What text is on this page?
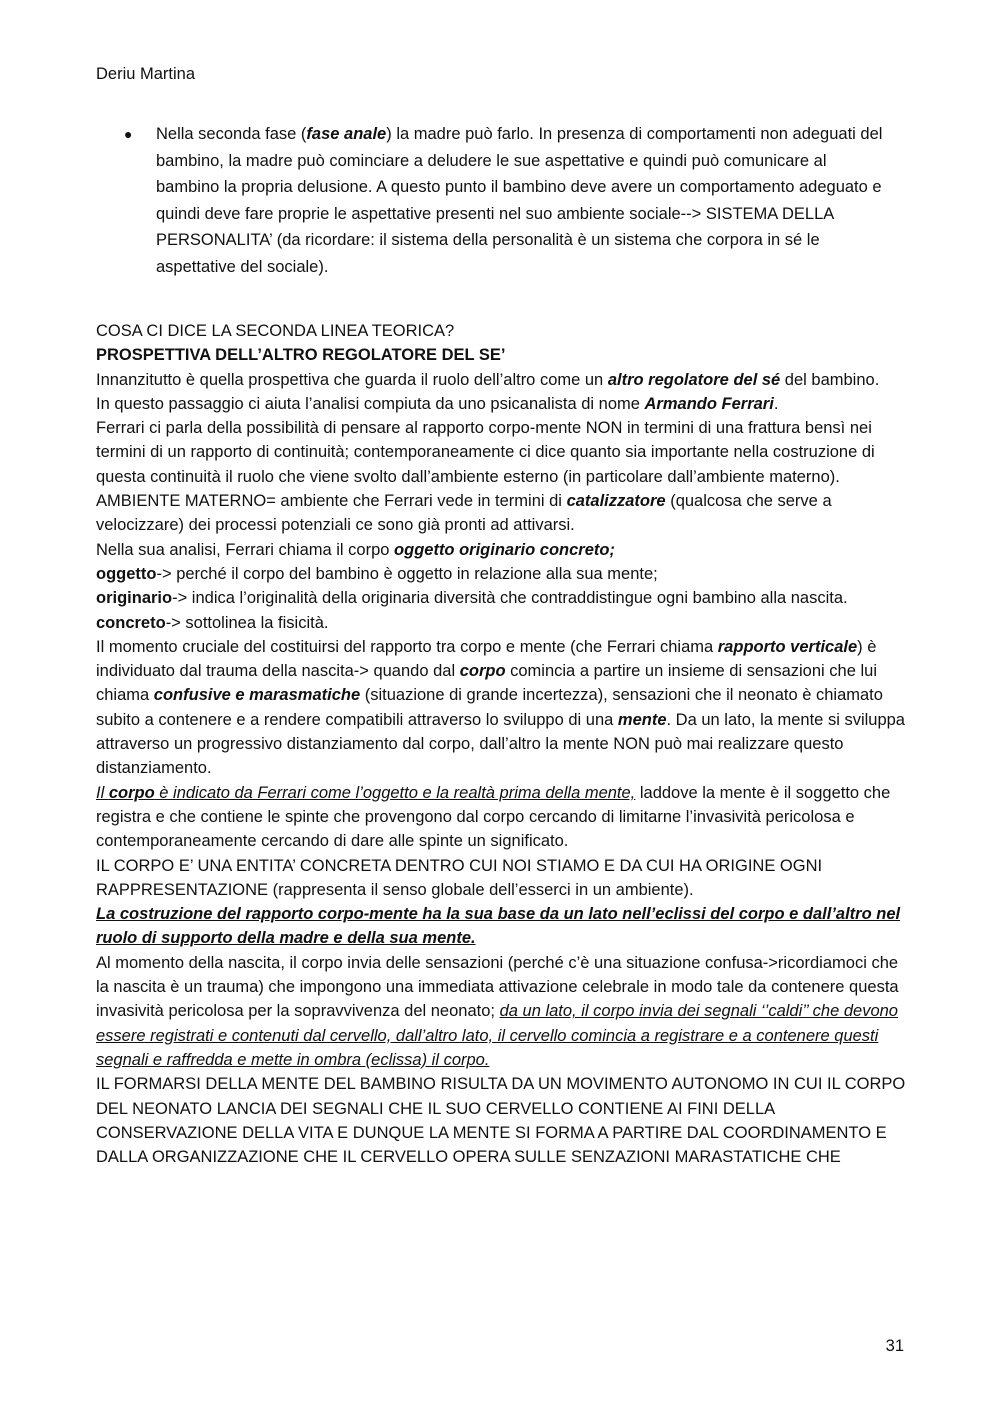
Deriu Martina
●	Nella seconda fase (fase anale) la madre può farlo. In presenza di comportamenti non adeguati del bambino, la madre può cominciare a deludere le sue aspettative e quindi può comunicare al bambino la propria delusione. A questo punto il bambino deve avere un comportamento adeguato e quindi deve fare proprie le aspettative presenti nel suo ambiente sociale--> SISTEMA DELLA PERSONALITA’ (da ricordare: il sistema della personalità è un sistema che corpora in sé le aspettative del sociale).

COSA CI DICE LA SECONDA LINEA TEORICA?

PROSPETTIVA DELL’ALTRO REGOLATORE DEL SE’

Innanzitutto è quella prospettiva che guarda il ruolo dell’altro come un altro regolatore del sé del bambino.

In questo passaggio ci aiuta l’analisi compiuta da uno psicanalista di nome Armando Ferrari.

Ferrari ci parla della possibilità di pensare al rapporto corpo-mente NON in termini di una frattura bensì nei termini di un rapporto di continuità; contemporaneamente ci dice quanto sia importante nella costruzione di questa continuità il ruolo che viene svolto dall’ambiente esterno (in particolare dall’ambiente materno).

AMBIENTE MATERNO= ambiente che Ferrari vede in termini di catalizzatore (qualcosa che serve a velocizzare) dei processi potenziali ce sono già pronti ad attivarsi.

Nella sua analisi, Ferrari chiama il corpo oggetto originario concreto;

oggetto-> perché il corpo del bambino è oggetto in relazione alla sua mente;

originario-> indica l’originalità della originaria diversità che contraddistingue ogni bambino alla nascita.

concreto-> sottolinea la fisicità.

Il momento cruciale del costituirsi del rapporto tra corpo e mente (che Ferrari chiama rapporto verticale) è individuato dal trauma della nascita-> quando dal corpo comincia a partire un insieme di sensazioni che lui chiama confusive e marasmatiche (situazione di grande incertezza), sensazioni che il neonato è chiamato subito a contenere e a rendere compatibili attraverso lo sviluppo di una mente. Da un lato, la mente si sviluppa attraverso un progressivo distanziamento dal corpo, dall’altro la mente NON può mai realizzare questo distanziamento.

Il corpo è indicato da Ferrari come l’oggetto e la realtà prima della mente, laddove la mente è il soggetto che registra e che contiene le spinte che provengono dal corpo cercando di limitarne l’invasività pericolosa e contemporaneamente cercando di dare alle spinte un significato.

IL CORPO E’ UNA ENTITA’ CONCRETA DENTRO CUI NOI STIAMO E DA CUI HA ORIGINE OGNI RAPPRESENTAZIONE (rappresenta il senso globale dell’esserci in un ambiente).

La costruzione del rapporto corpo-mente ha la sua base da un lato nell’eclissi del corpo e dall’altro nel ruolo di supporto della madre e della sua mente.

Al momento della nascita, il corpo invia delle sensazioni (perché c’è una situazione confusa->ricordiamoci che la nascita è un trauma) che impongono una immediata attivazione celebrale in modo tale da contenere questa invasività pericolosa per la sopravvivenza del neonato; da un lato, il corpo invia dei segnali ‘’caldi’’ che devono essere registrati e contenuti dal cervello, dall’altro lato, il cervello comincia a registrare e a contenere questi segnali e raffredda e mette in ombra (eclissa) il corpo.

IL FORMARSI DELLA MENTE DEL BAMBINO RISULTA DA UN MOVIMENTO AUTONOMO IN CUI IL CORPO DEL NEONATO LANCIA DEI SEGNALI CHE IL SUO CERVELLO CONTIENE AI FINI DELLA CONSERVAZIONE DELLA VITA E DUNQUE LA MENTE SI FORMA A PARTIRE DAL COORDINAMENTO E DALLA ORGANIZZAZIONE CHE IL CERVELLO OPERA SULLE SENZAZIONI MARASTATICHE CHE

31
